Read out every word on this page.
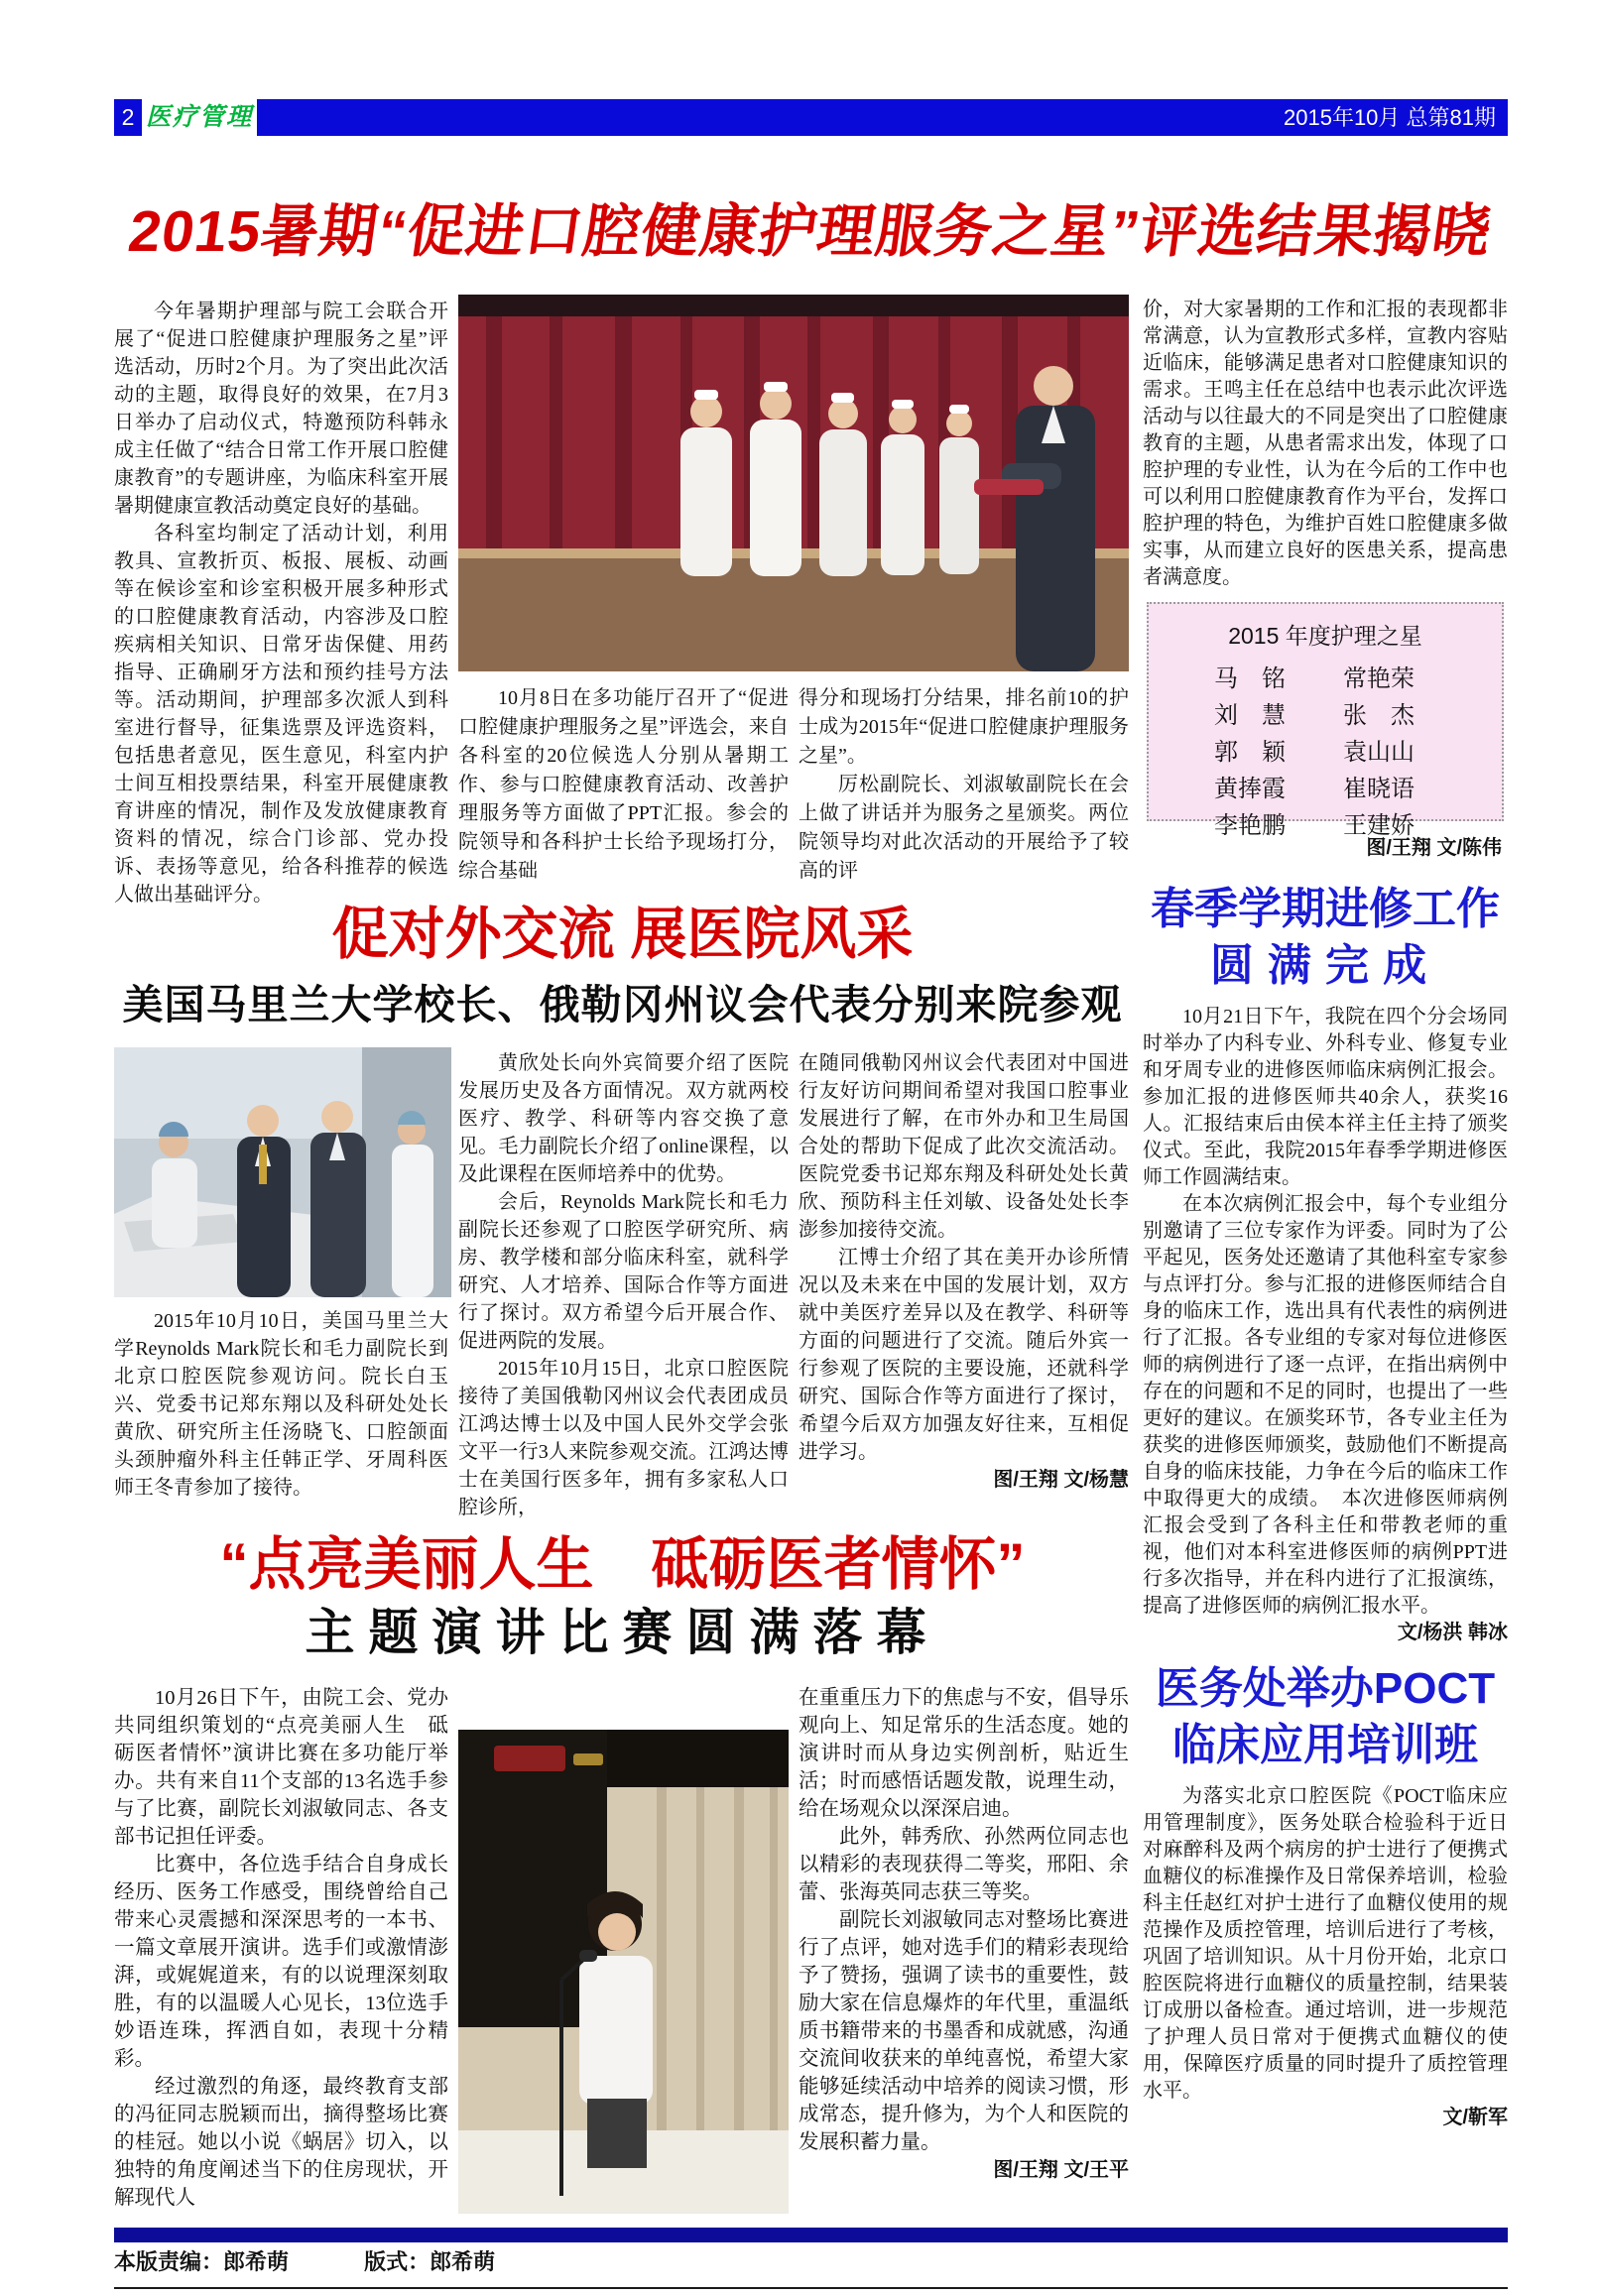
2 医疗管理	2015年10月 总第81期
2015暑期“促进口腔健康护理服务之星”评选结果揭晓

今年暑期护理部与院工会联合开展了“促进口腔健康护理服务之星”评选活动，历时2个月。为了突出此次活动的主题，取得良好的效果，在7月3日举办了启动仪式，特邀预防科韩永成主任做了“结合日常工作开展口腔健康教育”的专题讲座，为临床科室开展暑期健康宣教活动奠定良好的基础。

各科室均制定了活动计划，利用教具、宣教折页、板报、展板、动画等在候诊室和诊室积极开展多种形式的口腔健康教育活动，内容涉及口腔疾病相关知识、日常牙齿保健、用药指导、正确刷牙方法和预约挂号方法等。活动期间，护理部多次派人到科室进行督导，征集选票及评选资料，包括患者意见，医生意见，科室内护士间互相投票结果，科室开展健康教育讲座的情况，制作及发放健康教育资料的情况，综合门诊部、党办投诉、表扬等意见，给各科推荐的候选人做出基础评分。

10月8日在多功能厅召开了“促进口腔健康护理服务之星”评选会，来自各科室的20位候选人分别从暑期工作、参与口腔健康教育活动、改善护理服务等方面做了PPT汇报。参会的院领导和各科护士长给予现场打分，综合基础

得分和现场打分结果，排名前10的护士成为2015年“促进口腔健康护理服务之星”。

厉松副院长、刘淑敏副院长在会上做了讲话并为服务之星颁奖。两位院领导均对此次活动的开展给予了较高的评

价，对大家暑期的工作和汇报的表现都非常满意，认为宣教形式多样，宣教内容贴近临床，能够满足患者对口腔健康知识的需求。王鸣主任在总结中也表示此次评选活动与以往最大的不同是突出了口腔健康教育的主题，从患者需求出发，体现了口腔护理的专业性，认为在今后的工作中也可以利用口腔健康教育作为平台，发挥口腔护理的特色，为维护百姓口腔健康多做实事，从而建立良好的医患关系，提高患者满意度。

2015 年度护理之星
马　铭	常艳荣
刘　慧	张　杰
郭　颖	袁山山
黄捧霞	崔晓语
李艳鹏	王建娇

图/王翔 文/陈伟

促对外交流 展医院风采
美国马里兰大学校长、俄勒冈州议会代表分别来院参观

2015年10月10日，美国马里兰大学Reynolds Mark院长和毛力副院长到北京口腔医院参观访问。院长白玉兴、党委书记郑东翔以及科研处处长黄欣、研究所主任汤晓飞、口腔颌面头颈肿瘤外科主任韩正学、牙周科医师王冬青参加了接待。

黄欣处长向外宾简要介绍了医院发展历史及各方面情况。双方就两校医疗、教学、科研等内容交换了意见。毛力副院长介绍了online课程，以及此课程在医师培养中的优势。

会后，Reynolds Mark院长和毛力副院长还参观了口腔医学研究所、病房、教学楼和部分临床科室，就科学研究、人才培养、国际合作等方面进行了探讨。双方希望今后开展合作、促进两院的发展。

2015年10月15日，北京口腔医院接待了美国俄勒冈州议会代表团成员江鸿达博士以及中国人民外交学会张文平一行3人来院参观交流。江鸿达博士在美国行医多年，拥有多家私人口腔诊所，

在随同俄勒冈州议会代表团对中国进行友好访问期间希望对我国口腔事业发展进行了解，在市外办和卫生局国合处的帮助下促成了此次交流活动。医院党委书记郑东翔及科研处处长黄欣、预防科主任刘敏、设备处处长李澎参加接待交流。

江博士介绍了其在美开办诊所情况以及未来在中国的发展计划，双方就中美医疗差异以及在教学、科研等方面的问题进行了交流。随后外宾一行参观了医院的主要设施，还就科学研究、国际合作等方面进行了探讨，希望今后双方加强友好往来，互相促进学习。

图/王翔 文/杨慧

春季学期进修工作
圆满完成

10月21日下午，我院在四个分会场同时举办了内科专业、外科专业、修复专业和牙周专业的进修医师临床病例汇报会。参加汇报的进修医师共40余人，获奖16人。汇报结束后由侯本祥主任主持了颁奖仪式。至此，我院2015年春季学期进修医师工作圆满结束。

在本次病例汇报会中，每个专业组分别邀请了三位专家作为评委。同时为了公平起见，医务处还邀请了其他科室专家参与点评打分。参与汇报的进修医师结合自身的临床工作，选出具有代表性的病例进行了汇报。各专业组的专家对每位进修医师的病例进行了逐一点评，在指出病例中存在的问题和不足的同时，也提出了一些更好的建议。在颁奖环节，各专业主任为获奖的进修医师颁奖，鼓励他们不断提高自身的临床技能，力争在今后的临床工作中取得更大的成绩。　本次进修医师病例汇报会受到了各科主任和带教老师的重视，他们对本科室进修医师的病例PPT进行多次指导，并在科内进行了汇报演练，提高了进修医师的病例汇报水平。

文/杨洪 韩冰

“点亮美丽人生　砥砺医者情怀”
主题演讲比赛圆满落幕

10月26日下午，由院工会、党办共同组织策划的“点亮美丽人生　砥砺医者情怀”演讲比赛在多功能厅举办。共有来自11个支部的13名选手参与了比赛，副院长刘淑敏同志、各支部书记担任评委。

比赛中，各位选手结合自身成长经历、医务工作感受，围绕曾给自己带来心灵震撼和深深思考的一本书、一篇文章展开演讲。选手们或激情澎湃，或娓娓道来，有的以说理深刻取胜，有的以温暖人心见长，13位选手妙语连珠，挥洒自如，表现十分精彩。

经过激烈的角逐，最终教育支部的冯征同志脱颖而出，摘得整场比赛的桂冠。她以小说《蜗居》切入，以独特的角度阐述当下的住房现状，开解现代人

在重重压力下的焦虑与不安，倡导乐观向上、知足常乐的生活态度。她的演讲时而从身边实例剖析，贴近生活；时而感悟话题发散，说理生动，给在场观众以深深启迪。

此外，韩秀欣、孙然两位同志也以精彩的表现获得二等奖，邢阳、余蕾、张海英同志获三等奖。

副院长刘淑敏同志对整场比赛进行了点评，她对选手们的精彩表现给予了赞扬，强调了读书的重要性，鼓励大家在信息爆炸的年代里，重温纸质书籍带来的书墨香和成就感，沟通交流间收获来的单纯喜悦，希望大家能够延续活动中培养的阅读习惯，形成常态，提升修为，为个人和医院的发展积蓄力量。

图/王翔 文/王平

医务处举办POCT
临床应用培训班

为落实北京口腔医院《POCT临床应用管理制度》，医务处联合检验科于近日对麻醉科及两个病房的护士进行了便携式血糖仪的标准操作及日常保养培训，检验科主任赵红对护士进行了血糖仪使用的规范操作及质控管理，培训后进行了考核，巩固了培训知识。从十月份开始，北京口腔医院将进行血糖仪的质量控制，结果装订成册以备检查。通过培训，进一步规范了护理人员日常对于便携式血糖仪的使用，保障医疗质量的同时提升了质控管理水平。

文/靳军

本版责编：郎希萌	版式：郎希萌
